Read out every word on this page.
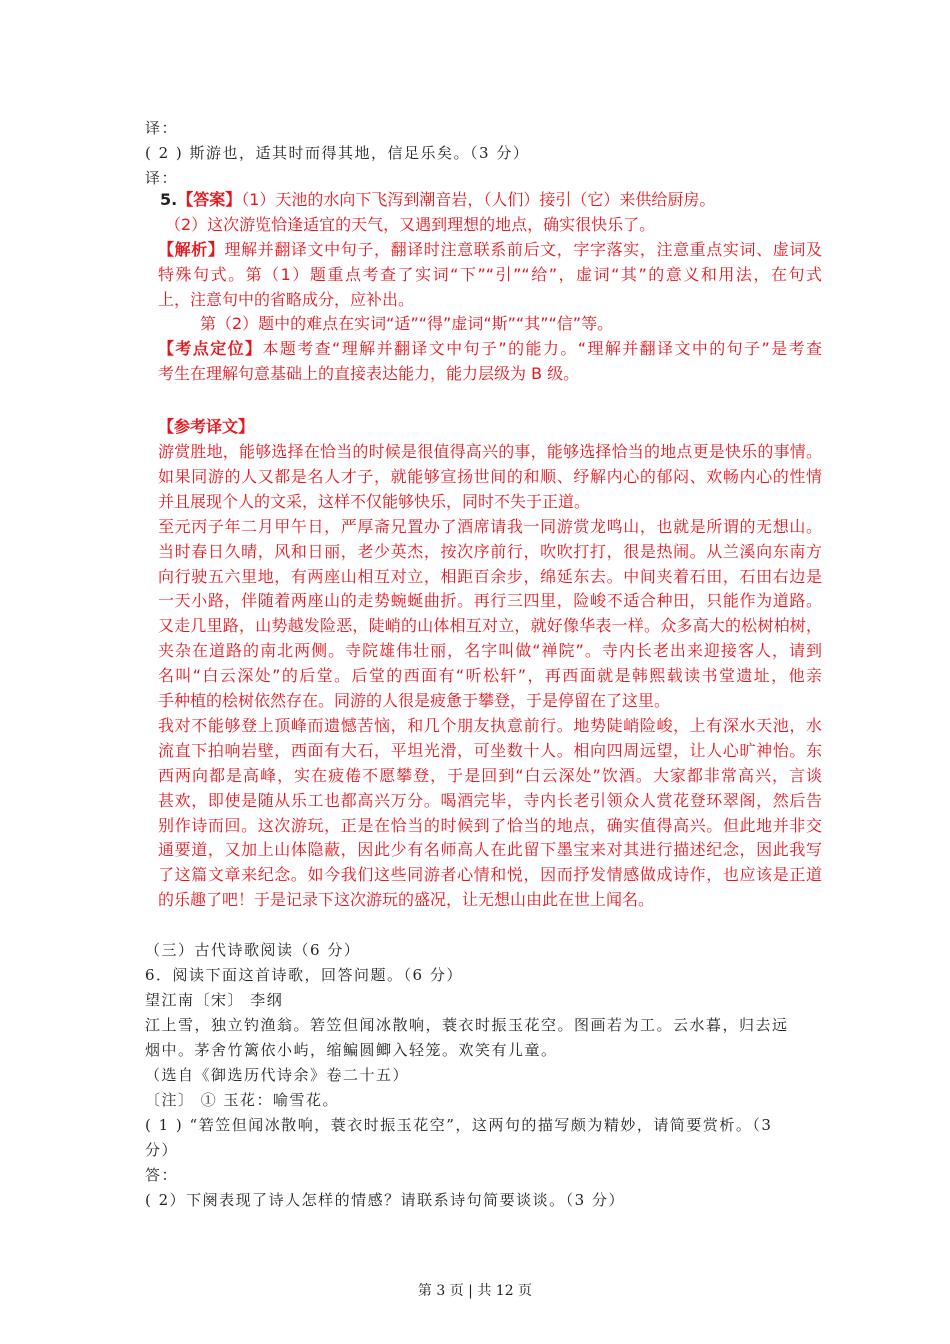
译：
( 2 ) 斯游也，适其时而得其地，信足乐矣。（3 分）
译：
5.【答案】（1）天池的水向下飞泻到潮音岩，（人们）接引（它）来供给厨房。
（2）这次游览恰逢适宜的天气，又遇到理想的地点，确实很快乐了。
【解析】理解并翻译文中句子，翻译时注意联系前后文，字字落实，注意重点实词、虚词及
特殊句式。第（1）题重点考查了实词“下”“引”“给”，虚词“其”的意义和用法，在句式
上，注意句中的省略成分，应补出。
第（2）题中的难点在实词“适”“得”虚词“斯”“其”“信”等。
【考点定位】本题考查“理解并翻译文中句子”的能力。“理解并翻译文中的句子”是考查
考生在理解句意基础上的直接表达能力，能力层级为 B 级。
【参考译文】
游赏胜地，能够选择在恰当的时候是很值得高兴的事，能够选择恰当的地点更是快乐的事情。
如果同游的人又都是名人才子，就能够宣扬世间的和顺、纾解内心的郁闷、欢畅内心的性情
并且展现个人的文采，这样不仅能够快乐，同时不失于正道。
至元丙子年二月甲午日，严厚斋兄置办了酒席请我一同游赏龙鸣山，也就是所谓的无想山。
当时春日久晴，风和日丽，老少英杰，按次序前行，吹吹打打，很是热闹。从兰溪向东南方
向行驶五六里地，有两座山相互对立，相距百余步，绵延东去。中间夹着石田，石田右边是
一天小路，伴随着两座山的走势蜿蜒曲折。再行三四里，险峻不适合种田，只能作为道路。
又走几里路，山势越发险恶，陡峭的山体相互对立，就好像华表一样。众多高大的松树柏树，
夹杂在道路的南北两侧。寺院雄伟壮丽，名字叫做“禅院”。寺内长老出来迎接客人，请到
名叫“白云深处”的后堂。后堂的西面有“听松轩”，再西面就是韩熙载读书堂遗址，他亲
手种植的桧树依然存在。同游的人很是疲惫于攀登，于是停留在了这里。
我对不能够登上顶峰而遗憾苦恼，和几个朋友执意前行。地势陡峭险峻，上有深水天池，水
流直下拍响岩壁，西面有大石，平坦光滑，可坐数十人。相向四周远望，让人心旷神怡。东
西两向都是高峰，实在疲倦不愿攀登，于是回到“白云深处”饮酒。大家都非常高兴，言谈
甚欢，即使是随从乐工也都高兴万分。喝酒完毕，寺内长老引领众人赏花登环翠阁，然后告
别作诗而回。这次游玩，正是在恰当的时候到了恰当的地点，确实值得高兴。但此地并非交
通要道，又加上山体隐蔽，因此少有名师高人在此留下墨宝来对其进行描述纪念，因此我写
了这篇文章来纪念。如今我们这些同游者心情和悦，因而抒发情感做成诗作，也应该是正道
的乐趣了吧！于是记录下这次游玩的盛况，让无想山由此在世上闻名。
（三）古代诗歌阅读（6 分）
6．阅读下面这首诗歌，回答问题。（6 分）
望江南〔宋〕 李纲
江上雪，独立钓渔翁。箬笠但闻冰散响，蓑衣时振玉花空。图画若为工。云水暮，归去远
烟中。茅舍竹篱依小屿，缩鳊圆鲫入轻笼。欢笑有儿童。
（选自《御选历代诗余》卷二十五）
〔注〕 ① 玉花：喻雪花。
( 1 ) “箬笠但闻冰散响，蓑衣时振玉花空”，这两句的描写颇为精妙，请简要赏析。（3
分）
答：
( 2）下阕表现了诗人怎样的情感？请联系诗句简要谈谈。（3 分）
第 3 页 | 共 12 页
